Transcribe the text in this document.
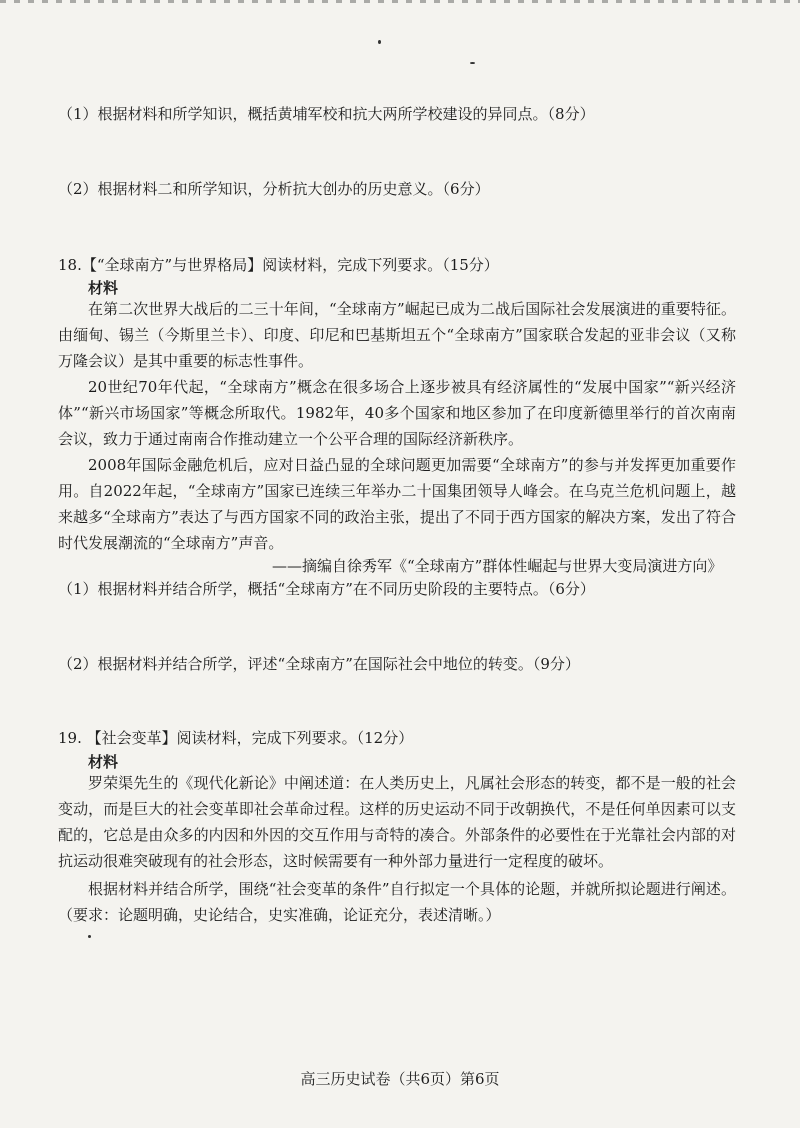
（1）根据材料和所学知识，概括黄埔军校和抗大两所学校建设的异同点。（8分）
（2）根据材料二和所学知识，分析抗大创办的历史意义。（6分）
18.【“全球南方”与世界格局】阅读材料，完成下列要求。（15分）
材料
在第二次世界大战后的二三十年间，“全球南方”崛起已成为二战后国际社会发展演进的重要特征。由缅甸、锡兰（今斯里兰卡）、印度、印尼和巴基斯坦五个“全球南方”国家联合发起的亚非会议（又称万隆会议）是其中重要的标志性事件。
20世纪70年代起，“全球南方”概念在很多场合上逐步被具有经济属性的“发展中国家”“新兴经济体”“新兴市场国家”等概念所取代。1982年，40多个国家和地区参加了在印度新德里举行的首次南南会议，致力于通过南南合作推动建立一个公平合理的国际经济新秩序。
2008年国际金融危机后，应对日益凸显的全球问题更加需要“全球南方”的参与并发挥更加重要作用。自2022年起，“全球南方”国家已连续三年举办二十国集团领导人峰会。在乌克兰危机问题上，越来越多“全球南方”表达了与西方国家不同的政治主张，提出了不同于西方国家的解决方案，发出了符合时代发展潮流的“全球南方”声音。
——摘编自徐秀军《“全球南方”群体性崛起与世界大变局演进方向》
（1）根据材料并结合所学，概括“全球南方”在不同历史阶段的主要特点。（6分）
（2）根据材料并结合所学，评述“全球南方”在国际社会中地位的转变。（9分）
19. 【社会变革】阅读材料，完成下列要求。（12分）
材料
罗荣渠先生的《现代化新论》中阐述道：在人类历史上，凡属社会形态的转变，都不是一般的社会变动，而是巨大的社会变革即社会革命过程。这样的历史运动不同于改朝换代，不是任何单因素可以支配的，它总是由众多的内因和外因的交互作用与奇特的凑合。外部条件的必要性在于光靠社会内部的对抗运动很难突破现有的社会形态，这时候需要有一种外部力量进行一定程度的破坏。
根据材料并结合所学，围绕“社会变革的条件”自行拟定一个具体的论题，并就所拟论题进行阐述。（要求：论题明确，史论结合，史实准确，论证充分，表述清晰。）
高三历史试卷（共6页）第6页
